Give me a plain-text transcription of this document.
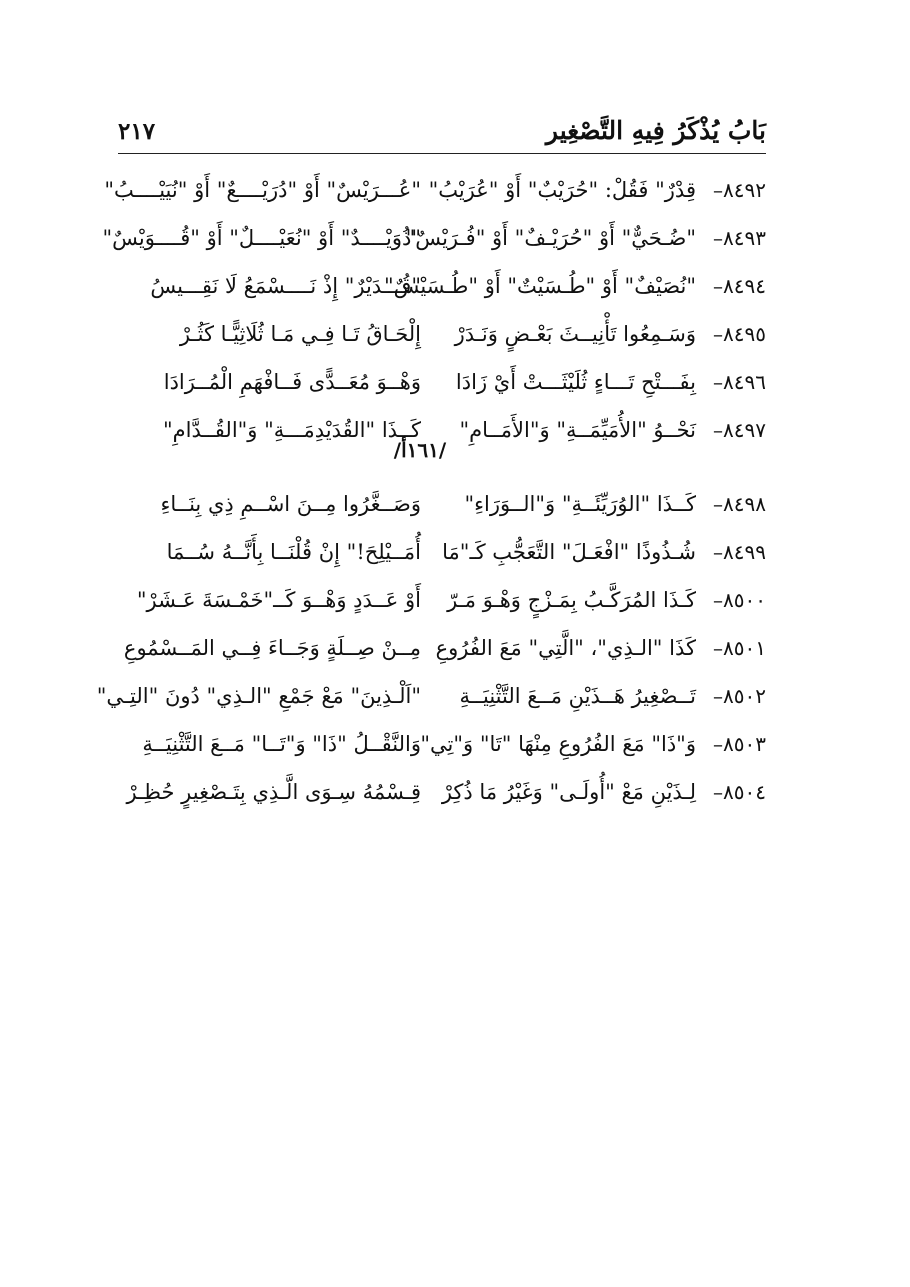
بَابُ يُذْكَرُ فِيهِ التَّصْغِير
٢١٧
٨٤٩٢–
قِدْرٌ" فَقُلْ: "حُرَيْبٌ" أَوْ "عُرَيْبُ"
"عُـــرَيْسٌ" أَوْ "دُرَيْــــعٌ" أَوْ "نُيَيْــــبُ"
٨٤٩٣–
"ضُـحَيٌّ" أَوْ "حُرَيْـفٌ" أَوْ "فُـرَيْسٌ"
"ذُوَيْــــدٌ" أَوْ "نُعَيْــــلٌ" أَوْ "قُــــوَيْسٌ"
٨٤٩٤–
"نُصَيْفٌ" أَوْ "طُـسَيْتٌ" أَوْ "طُـسَيْسٌ"
"قُـــدَيْرٌ" إِذْ نَــــسْمَعُ لَا نَقِـــيسُ
٨٤٩٥–
وَسَـمِعُوا تَأْنِيــثَ بَعْـضٍ وَنَـدَرْ
إِلْحَـاقُ تَـا فِـي مَـا ثُلَاثِيًّـا كَثُـرْ
٨٤٩٦–
بِفَـــتْحِ تَـــاءٍ ثُلَيْثَـــتْ أَيْ زَادَا
وَهْــوَ مُعَــدًّى فَــافْهَمِ الْمُــرَادَا
٨٤٩٧–
نَحْــوُ "الأُمَيِّمَــةِ" وَ"الأَمَــامِ"
كَــذَا "القُدَيْدِمَـــةِ" وَ"القُــدَّامِ"
/١٦١أ/
٨٤٩٨–
كَــذَا "الوُرَيِّئَــةِ" وَ"الــوَرَاءِ"
وَصَــغَّرُوا مِــنَ اسْــمِ ذِي بِنَــاءِ
٨٤٩٩–
شُـذُوذًا "افْعَـلَ" التَّعَجُّبِ كَـ"مَا
أُمَــيْلِحَ!" إِنْ قُلْنَــا بِأَنَّــهُ سُــمَا
٨٥٠٠–
كَـذَا المُرَكَّـبُ بِمَـزْجٍ وَهْـوَ مَـرّ
أَوْ عَــدَدٍ وَهْــوَ كَــ"خَمْـسَةَ عَـشَرْ"
٨٥٠١–
كَذَا "الـذِي"، "الَّتِي" مَعَ الفُرُوعِ
مِــنْ صِــلَةٍ وَجَــاءَ فِــي المَــسْمُوعِ
٨٥٠٢–
تَــصْغِيرُ هَــذَيْنِ مَــعَ التَّثْنِيَــةِ
"اَلْـذِينَ" مَعْ جَمْعِ "الـذِي" دُونَ "التِـي"
٨٥٠٣–
وَ"ذَا" مَعَ الفُرُوعِ مِنْهَا "تَا" وَ"تِي"
وَالنَّقْــلُ "ذَا" وَ"تَــا" مَــعَ التَّثْنِيَــةِ
٨٥٠٤–
لِـذَيْنِ مَعْ "أُولَـى" وَغَيْرُ مَا ذُكِرْ
قِـسْمُهُ سِـوَى الَّـذِي بِتَـصْغِيرٍ حُظِـرْ
